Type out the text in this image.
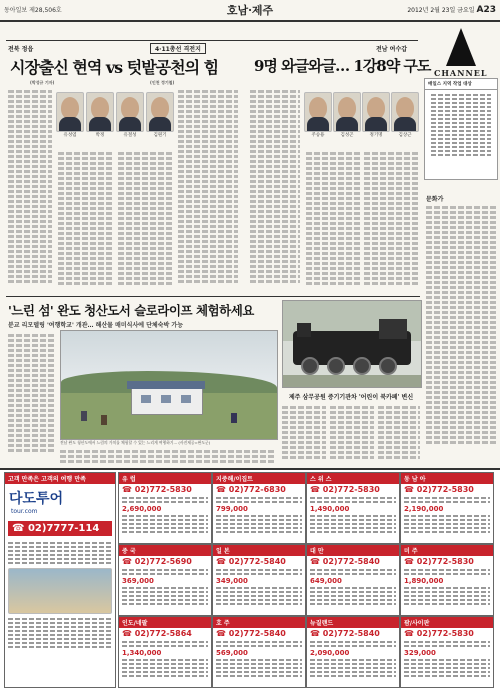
동아일보 제28,506호	호남·제주	2012년 2월 23일 금요일 A23
전북 정읍	4·11총선 격전지	전남 여수갑
시장출신 현역 vs 텃밭공천의 힘 9명 와글와글… 1강8약 구도
(박성규 기자)	(인천 정기철)
유성엽	박정	유철성	김원기	주승용	김성곤	정기명	김상근
CHANNEL
매일스 지역 작업 대상
문화가
'느린 섬' 완도 청산도서 슬로라이프 체험하세요
분교 리모델링 '여행학교' 개관… 해산물 매미식사에 단체숙박 가능
전남 완도 청산도에서 느림의 가치를 체험할 수 있는 느리게 여행하기... (사진제공=완도군)
제주 삼무공원 증기기관차 '어린이 북카페' 변신
고객 만족은 고객의 여행 만족
다도투어
tour.com
☎ 02)7777-114
유 럽
☎ 02)772-5830
2,690,000
지중해/이집트
☎ 02)772-6830
799,000
스 위 스
☎ 02)772-5830
1,490,000
동 남 아
☎ 02)772-5830
2,190,000
중 국
☎ 02)772-5690
369,000
일 본
☎ 02)772-5840
349,000
대 만
☎ 02)772-5840
649,000
미 주
☎ 02)772-5830
1,890,000
인도/네팔
☎ 02)772-5864
1,340,000
호 주
☎ 02)772-5840
569,000
뉴질랜드
☎ 02)772-5840
2,090,000
괌/사이판
☎ 02)772-5830
329,000
